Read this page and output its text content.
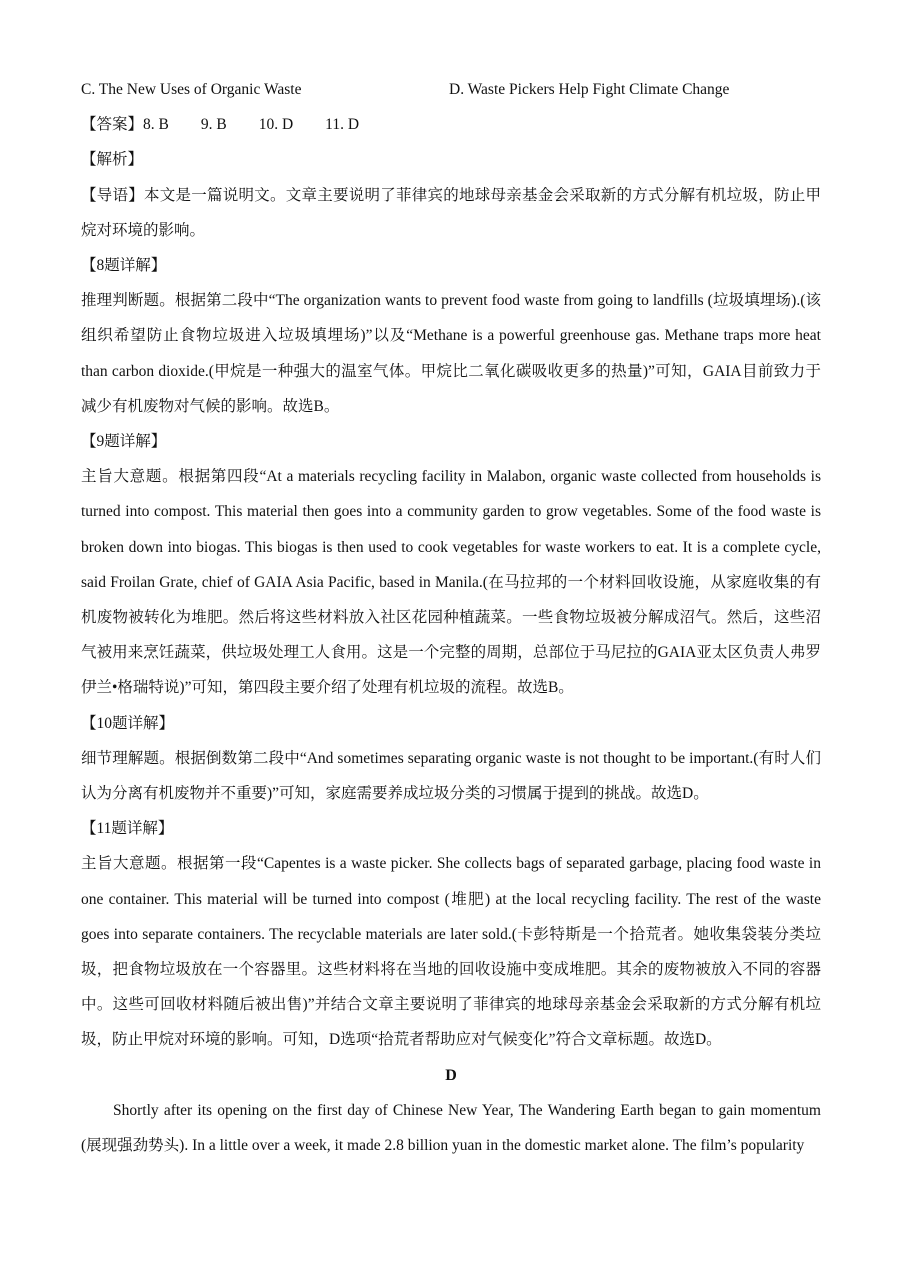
C. The New Uses of Organic Waste	D. Waste Pickers Help Fight Climate Change
【答案】8. B 9. B 10. D 11. D
【解析】
【导语】本文是一篇说明文。文章主要说明了菲律宾的地球母亲基金会采取新的方式分解有机垃圾，防止甲烷对环境的影响。
【8题详解】
推理判断题。根据第二段中“The organization wants to prevent food waste from going to landfills (垃圾填埋场).(该组织希望防止食物垃圾进入垃圾填埋场)”以及“Methane is a powerful greenhouse gas. Methane traps more heat than carbon dioxide.(甲烷是一种强大的温室气体。甲烷比二氧化碳吸收更多的热量)”可知，GAIA目前致力于减少有机废物对气候的影响。故选B。
【9题详解】
主旨大意题。根据第四段“At a materials recycling facility in Malabon, organic waste collected from households is turned into compost. This material then goes into a community garden to grow vegetables. Some of the food waste is broken down into biogas. This biogas is then used to cook vegetables for waste workers to eat. It is a complete cycle, said Froilan Grate, chief of GAIA Asia Pacific, based in Manila.(在马拉邦的一个材料回收设施，从家庭收集的有机废物被转化为堆肥。然后将这些材料放入社区花园种植蔬菜。一些食物垃圾被分解成沼气。然后，这些沼气被用来烹饪蔬菜，供垃圾处理工人食用。这是一个完整的周期，总部位于马尼拉的GAIA亚太区负责人弗罗伊兰•格瑞特说)”可知，第四段主要介绍了处理有机垃圾的流程。故选B。
【10题详解】
细节理解题。根据倒数第二段中“And sometimes separating organic waste is not thought to be important.(有时人们认为分离有机废物并不重要)”可知，家庭需要养成垃圾分类的习惯属于提到的挑战。故选D。
【11题详解】
主旨大意题。根据第一段“Capentes is a waste picker. She collects bags of separated garbage, placing food waste in one container. This material will be turned into compost (堆肥) at the local recycling facility. The rest of the waste goes into separate containers. The recyclable materials are later sold.(卡彭特斯是一个拾荒者。她收集袋装分类垃圾，把食物垃圾放在一个容器里。这些材料将在当地的回收设施中变成堆肥。其余的废物被放入不同的容器中。这些可回收材料随后被出售)”并结合文章主要说明了菲律宾的地球母亲基金会采取新的方式分解有机垃圾，防止甲烷对环境的影响。可知，D选项“拾荒者帮助应对气候变化”符合文章标题。故选D。
D
Shortly after its opening on the first day of Chinese New Year, The Wandering Earth began to gain momentum (展现强劲势头). In a little over a week, it made 2.8 billion yuan in the domestic market alone. The film’s popularity
